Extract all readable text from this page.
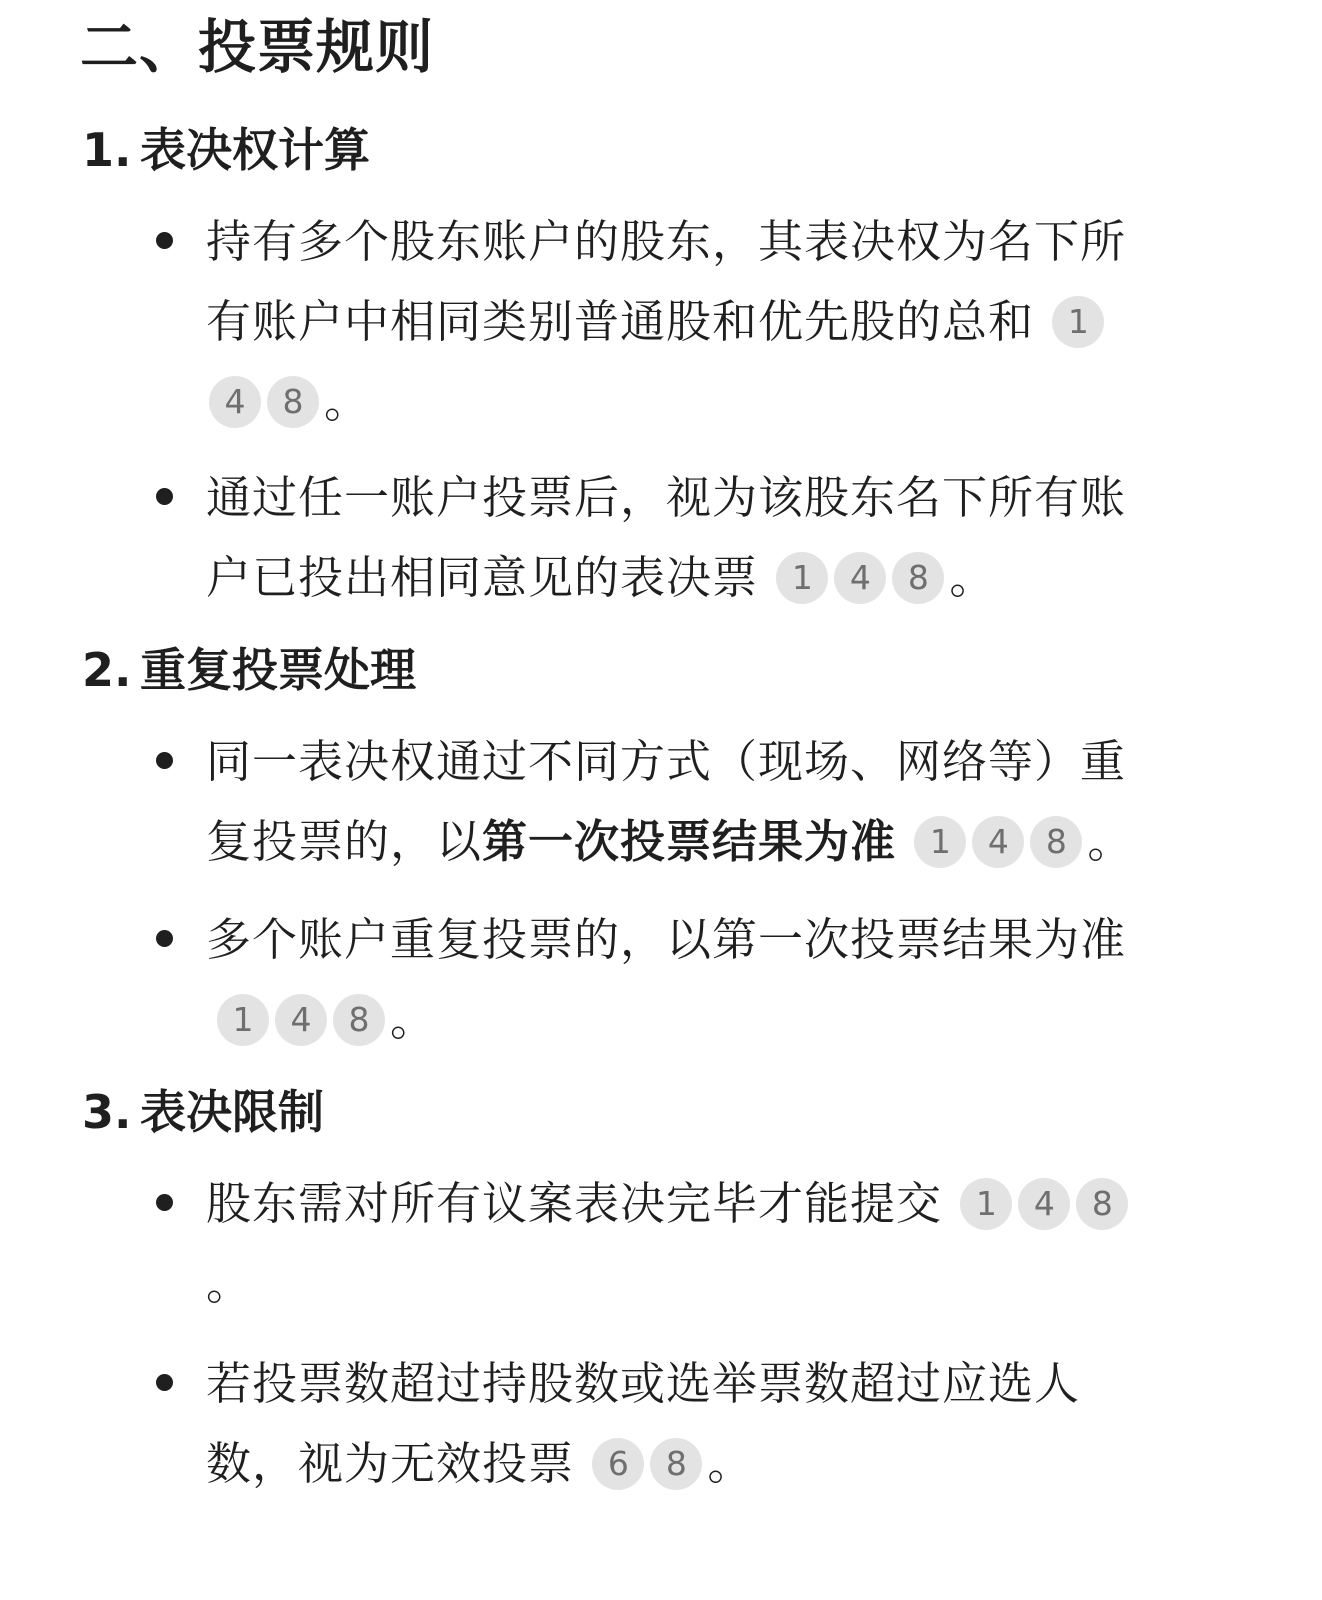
二、投票规则
1. 表决权计算
持有多个股东账户的股东，其表决权为名下所
有账户中相同类别普通股和优先股的总和 1
4 8 。
通过任一账户投票后，视为该股东名下所有账
户已投出相同意见的表决票 1 4 8 。
2. 重复投票处理
同一表决权通过不同方式（现场、网络等）重
复投票的，以第一次投票结果为准 1 4 8 。
多个账户重复投票的，以第一次投票结果为准
1 4 8 。
3. 表决限制
股东需对所有议案表决完毕才能提交 1 4 8
。
若投票数超过持股数或选举票数超过应选人
数，视为无效投票 6 8 。
